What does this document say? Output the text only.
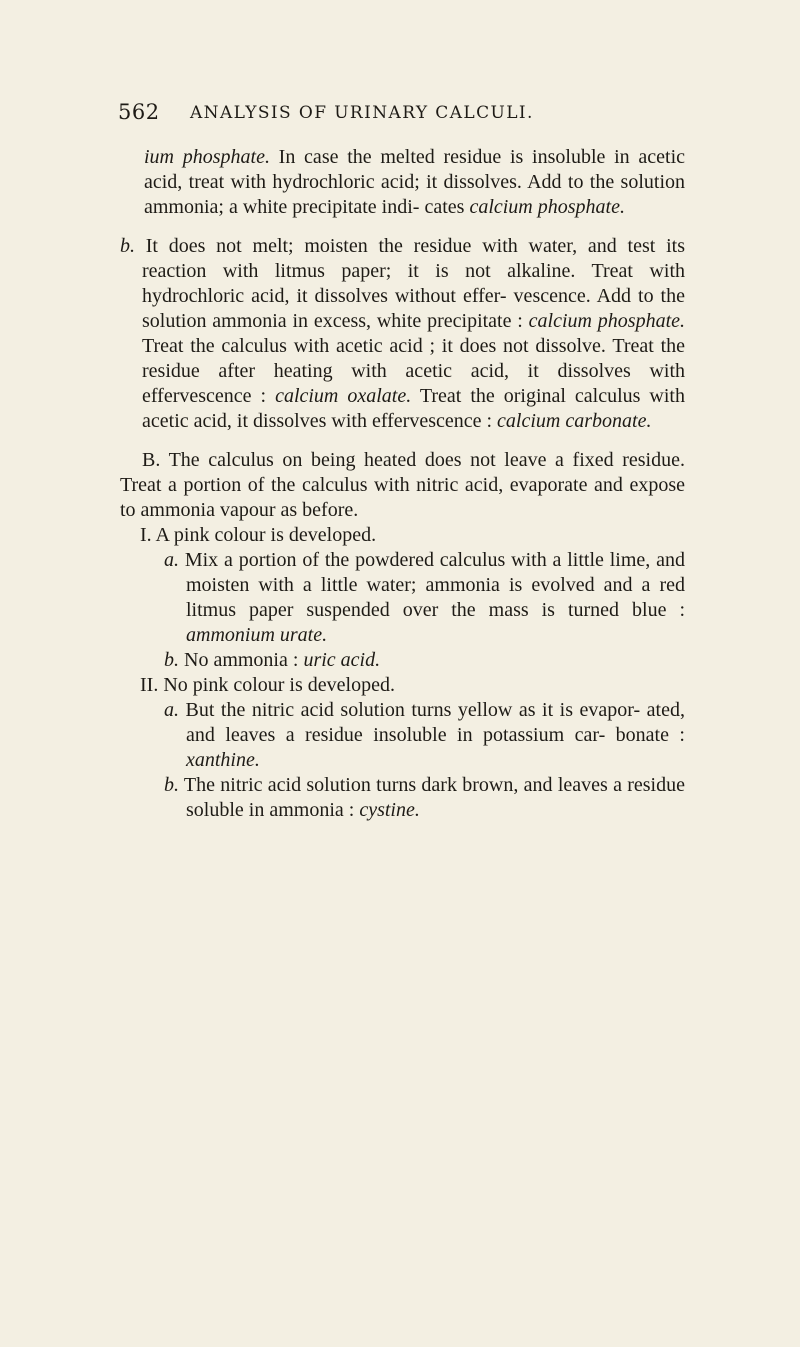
562 ANALYSIS OF URINARY CALCULI.

ium phosphate. In case the melted residue is insoluble in acetic acid, treat with hydrochloric acid; it dissolves. Add to the solution ammonia; a white precipitate indi- cates calcium phosphate.

b. It does not melt; moisten the residue with water, and test its reaction with litmus paper; it is not alkaline. Treat with hydrochloric acid, it dissolves without effer- vescence. Add to the solution ammonia in excess, white precipitate : calcium phosphate. Treat the calculus with acetic acid ; it does not dissolve. Treat the residue after heating with acetic acid, it dissolves with effervescence : calcium oxalate. Treat the original calculus with acetic acid, it dissolves with effervescence : calcium carbonate.

B. The calculus on being heated does not leave a fixed residue. Treat a portion of the calculus with nitric acid, evaporate and expose to ammonia vapour as before.

I. A pink colour is developed.

a. Mix a portion of the powdered calculus with a little lime, and moisten with a little water; ammonia is evolved and a red litmus paper suspended over the mass is turned blue : ammonium urate.

b. No ammonia : uric acid.

II. No pink colour is developed.

a. But the nitric acid solution turns yellow as it is evapor- ated, and leaves a residue insoluble in potassium car- bonate : xanthine.

b. The nitric acid solution turns dark brown, and leaves a residue soluble in ammonia : cystine.
